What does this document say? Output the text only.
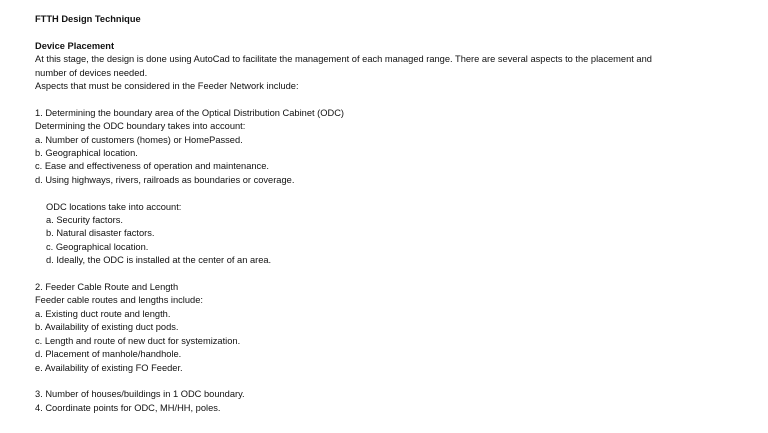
FTTH Design Technique
Device Placement
At this stage, the design is done using AutoCad to facilitate the management of each managed range. There are several aspects to the placement and
number of devices needed.
Aspects that must be considered in the Feeder Network include:
1. Determining the boundary area of the Optical Distribution Cabinet (ODC)
Determining the ODC boundary takes into account:
a. Number of customers (homes) or HomePassed.
b. Geographical location.
c. Ease and effectiveness of operation and maintenance.
d. Using highways, rivers, railroads as boundaries or coverage.
ODC locations take into account:
a. Security factors.
b. Natural disaster factors.
c. Geographical location.
d. Ideally, the ODC is installed at the center of an area.
2. Feeder Cable Route and Length
Feeder cable routes and lengths include:
a. Existing duct route and length.
b. Availability of existing duct pods.
c. Length and route of new duct for systemization.
d. Placement of manhole/handhole.
e. Availability of existing FO Feeder.
3. Number of houses/buildings in 1 ODC boundary.
4. Coordinate points for ODC, MH/HH, poles.
